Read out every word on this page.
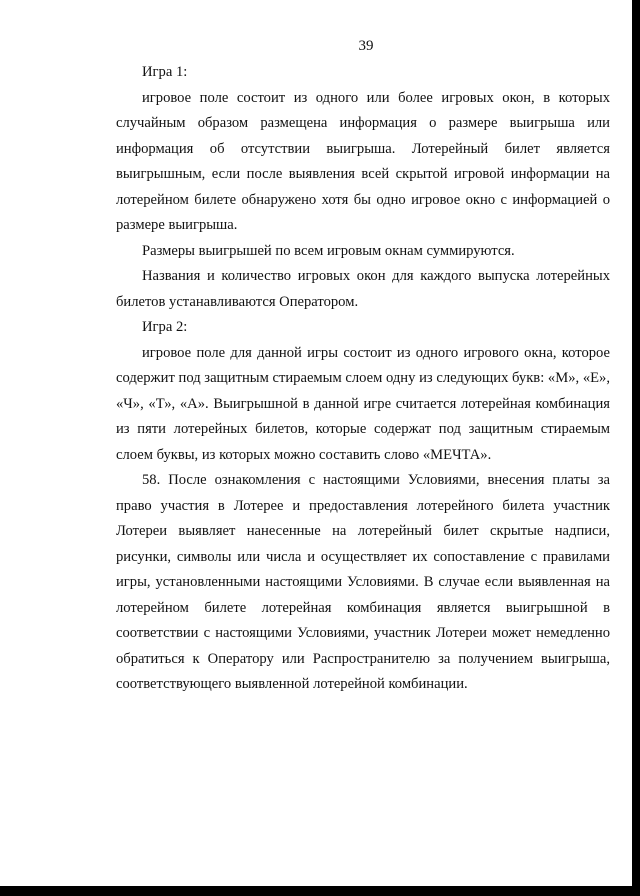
39

Игра 1:

игровое поле состоит из одного или более игровых окон, в которых случайным образом размещена информация о размере выигрыша или информация об отсутствии выигрыша. Лотерейный билет является выигрышным, если после выявления всей скрытой игровой информации на лотерейном билете обнаружено хотя бы одно игровое окно с информацией о размере выигрыша.

Размеры выигрышей по всем игровым окнам суммируются.

Названия и количество игровых окон для каждого выпуска лотерейных билетов устанавливаются Оператором.

Игра 2:

игровое поле для данной игры состоит из одного игрового окна, которое содержит под защитным стираемым слоем одну из следующих букв: «М», «Е», «Ч», «Т», «А». Выигрышной в данной игре считается лотерейная комбинация из пяти лотерейных билетов, которые содержат под защитным стираемым слоем буквы, из которых можно составить слово «МЕЧТА».

58. После ознакомления с настоящими Условиями, внесения платы за право участия в Лотерее и предоставления лотерейного билета участник Лотереи выявляет нанесенные на лотерейный билет скрытые надписи, рисунки, символы или числа и осуществляет их сопоставление с правилами игры, установленными настоящими Условиями. В случае если выявленная на лотерейном билете лотерейная комбинация является выигрышной в соответствии с настоящими Условиями, участник Лотереи может немедленно обратиться к Оператору или Распространителю за получением выигрыша, соответствующего выявленной лотерейной комбинации.
